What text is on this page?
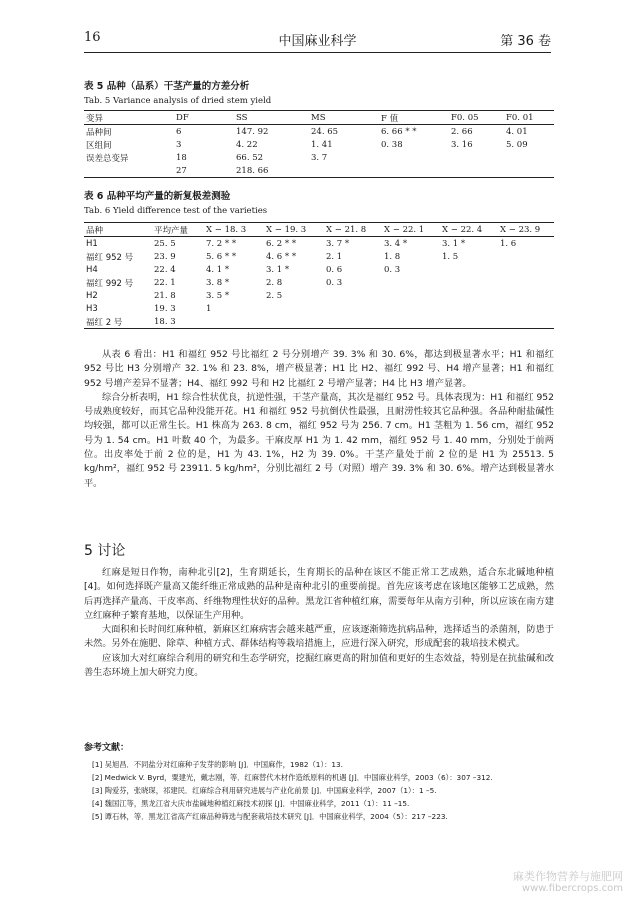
16	中国麻业科学	第 36 卷
表 5 品种（品系）干茎产量的方差分析
Tab. 5 Variance analysis of dried stem yield
变异	DF	SS	MS	F 值	F0. 05	F0. 01
品种间	6	147. 92	24. 65	6. 66 * *	2. 66	4. 01
区组间	3	4. 22	1. 41	0. 38	3. 16	5. 09
误差总变异	18	66. 52	3. 7			
	27	218. 66				
表 6 品种平均产量的新复极差测验
Tab. 6 Yield difference test of the varieties
品种	平均产量	X − 18. 3	X − 19. 3	X − 21. 8	X − 22. 1	X − 22. 4	X − 23. 9
H1	25. 5	7. 2 * *	6. 2 * *	3. 7 *	3. 4 *	3. 1 *	1. 6
福红 952 号	23. 9	5. 6 * *	4. 6 * *	2. 1	1. 8	1. 5	
H4	22. 4	4. 1 *	3. 1 *	0. 6	0. 3		
福红 992 号	22. 1	3. 8 *	2. 8	0. 3			
H2	21. 8	3. 5 *	2. 5				
H3	19. 3	1					
福红 2 号	18. 3						

从表 6 看出：H1 和福红 952 号比福红 2 号分别增产 39. 3% 和 30. 6%，都达到极显著水平；H1 和福红 952 号比 H3 分别增产 32. 1% 和 23. 8%，增产极显著；H1 比 H2、福红 992 号、H4 增产显著；H1 和福红 952 号增产差异不显著；H4、福红 992 号和 H2 比福红 2 号增产显著；H4 比 H3 增产显著。

综合分析表明，H1 综合性状优良，抗逆性强，干茎产量高，其次是福红 952 号。具体表现为：H1 和福红 952 号成熟度较好，而其它品种没能开花。H1 和福红 952 号抗倒伏性最强，且耐涝性较其它品种强。各品种耐盐碱性均较强，都可以正常生长。H1 株高为 263. 8 cm，福红 952 号为 256. 7 cm。H1 茎粗为 1. 56 cm，福红 952 号为 1. 54 cm。H1 叶数 40 个，为最多。干麻皮厚 H1 为 1. 42 mm，福红 952 号 1. 40 mm，分别处于前两位。出皮率处于前 2 位的是，H1 为 43. 1%，H2 为 39. 0%。干茎产量处于前 2 位的是 H1 为 25513. 5 kg/hm²，福红 952 号 23911. 5 kg/hm²，分别比福红 2 号（对照）增产 39. 3% 和 30. 6%。增产达到极显著水平。

5 讨论

红麻是短日作物，南种北引[2]，生育期延长，生育期长的品种在该区不能正常工艺成熟，适合东北碱地种植[4]。如何选择既产量高又能纤维正常成熟的品种是南种北引的重要前提。首先应该考虑在该地区能够工艺成熟，然后再选择产量高、干皮率高、纤维物理性状好的品种。黑龙江省种植红麻，需要每年从南方引种，所以应该在南方建立红麻种子繁育基地，以保证生产用种。

大面积和长时间红麻种植，新麻区红麻病害会越来越严重，应该逐渐筛选抗病品种，选择适当的杀菌剂，防患于未然。另外在施肥、除草、种植方式、群体结构等栽培措施上，应进行深入研究，形成配套的栽培技术模式。

应该加大对红麻综合利用的研究和生态学研究，挖掘红麻更高的附加值和更好的生态效益，特别是在抗盐碱和改善生态环境上加大研究力度。

参考文献：
[1] 吴旭昌．不同盐分对红麻种子发芽的影响 [J]．中国麻作，1982（1）：13.
[2] Medwick V. Byrd，粟建光，戴志刚，等．红麻替代木材作造纸原料的机遇 [J]．中国麻业科学，2003（6）：307 –312.
[3] 陶爱芬，张晓琛，祁建民．红麻综合利用研究进展与产业化前景 [J]．中国麻业科学，2007（1）：1 –5.
[4] 魏国江等，黑龙江省大庆市盐碱地种植红麻技术初探 [J]．中国麻业科学，2011（1）：11 –15.
[5] 谭石林，等．黑龙江省高产红麻品种筛选与配套栽培技术研究 [J]．中国麻业科学，2004（5）：217 –223.
麻类作物营养与施肥网
www.fibercrops.com
